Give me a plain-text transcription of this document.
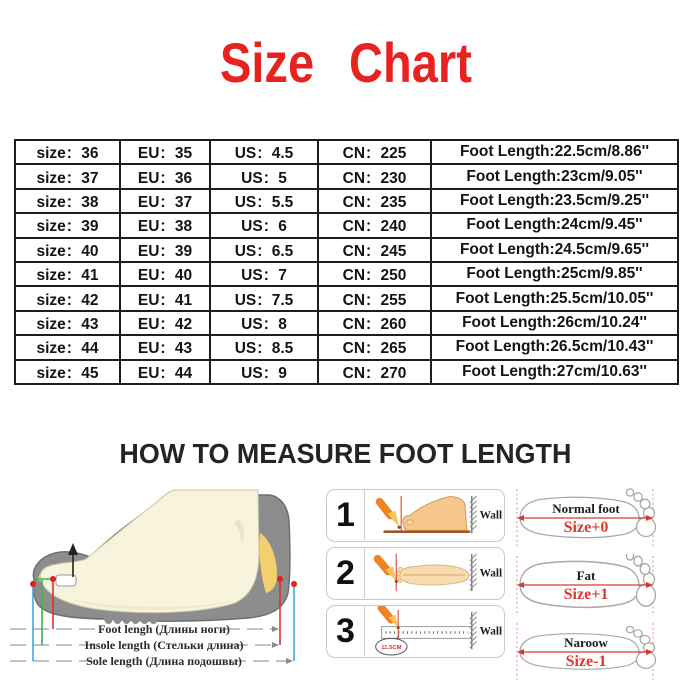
Size Chart
size：36	EU：35	US：4.5	CN：225	Foot Length:22.5cm/8.86''
size：37	EU：36	US：5	CN：230	Foot Length:23cm/9.05''
size：38	EU：37	US：5.5	CN：235	Foot Length:23.5cm/9.25''
size：39	EU：38	US：6	CN：240	Foot Length:24cm/9.45''
size：40	EU：39	US：6.5	CN：245	Foot Length:24.5cm/9.65''
size：41	EU：40	US：7	CN：250	Foot Length:25cm/9.85''
size：42	EU：41	US：7.5	CN：255	Foot Length:25.5cm/10.05''
size：43	EU：42	US：8	CN：260	Foot Length:26cm/10.24''
size：44	EU：43	US：8.5	CN：265	Foot Length:26.5cm/10.43''
size：45	EU：44	US：9	CN：270	Foot Length:27cm/10.63''
HOW TO MEASURE FOOT LENGTH
Foot lengh (Длины ноги)
Insole length (Стельки длина)
Sole length (Длина подошвы)
1	Wall
2	Wall
3	11.5CM
Wall
Normal foot
Size+0
Fat
Size+1
Naroow
Size-1
